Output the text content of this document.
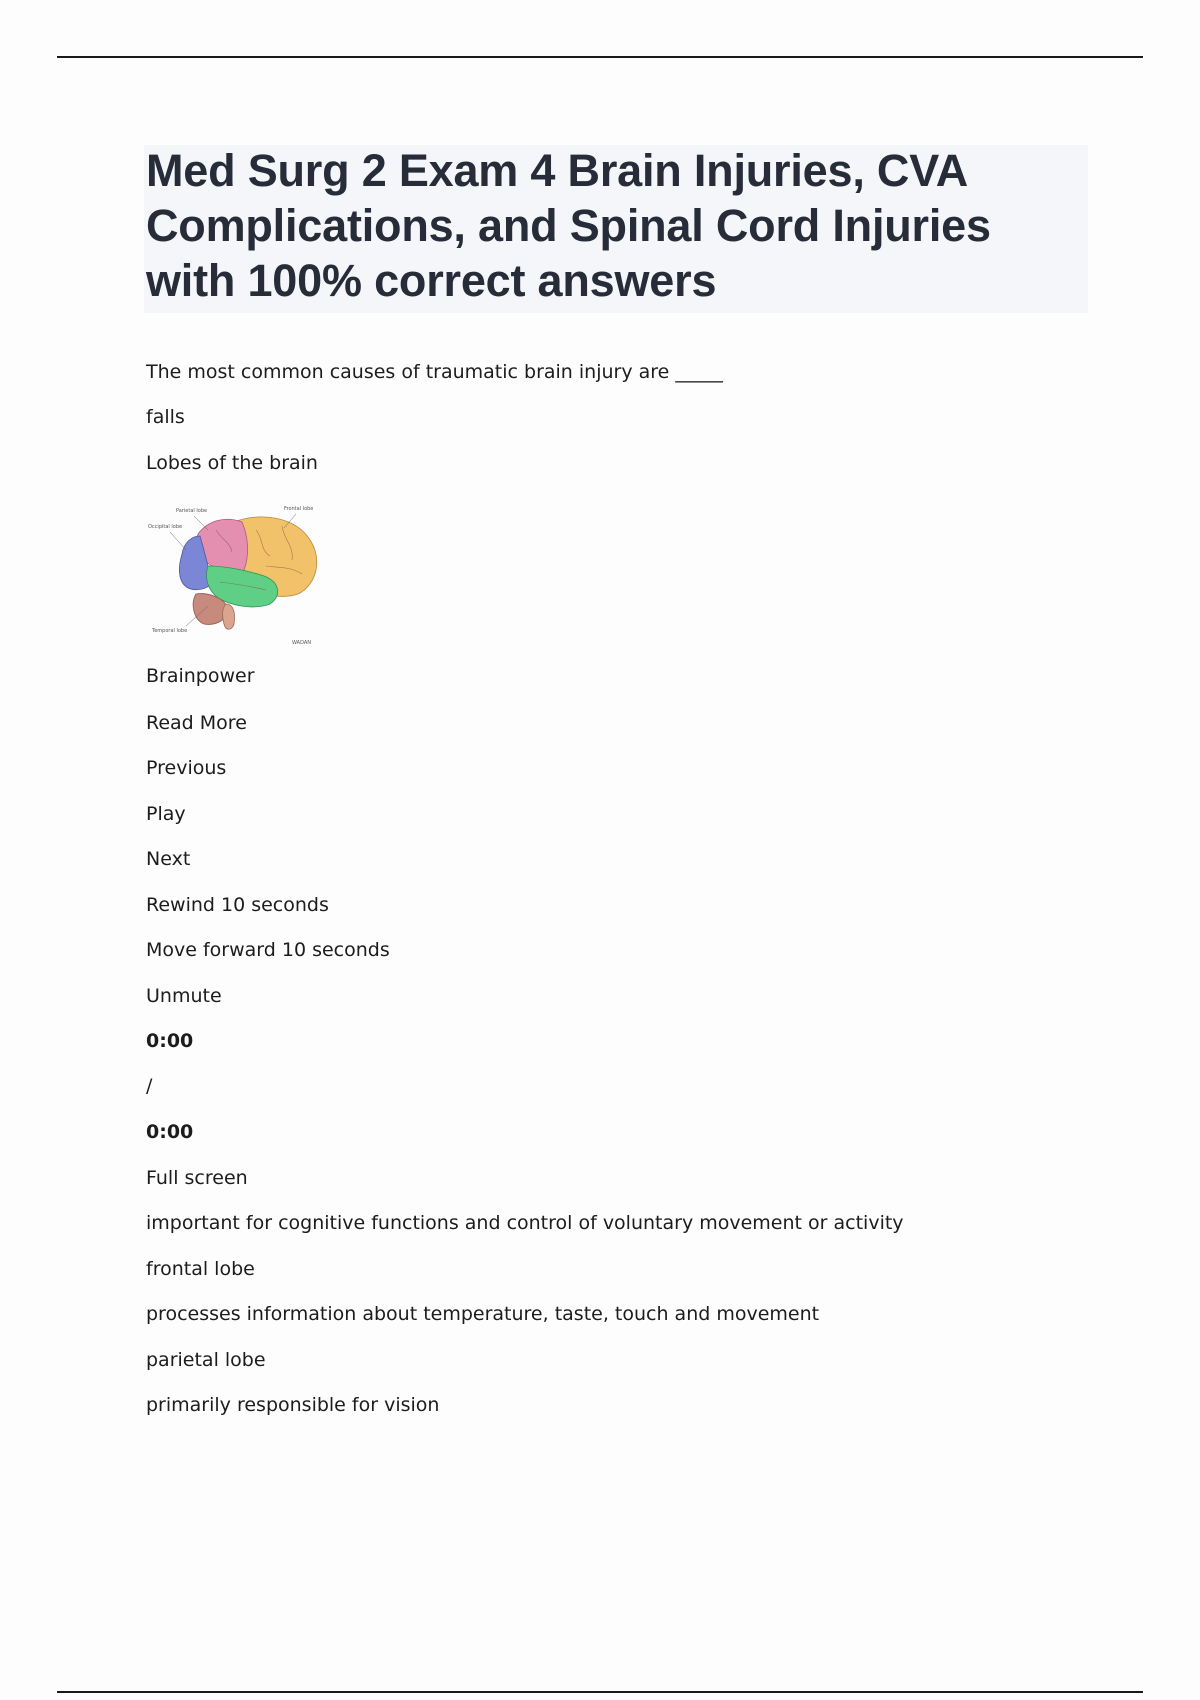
Med Surg 2 Exam 4 Brain Injuries, CVA Complications, and Spinal Cord Injuries with 100% correct answers

The most common causes of traumatic brain injury are _____

falls

Lobes of the brain

Parietal lobe	Frontal lobe
Occipital lobe
Temporal lobe
WADAN

Brainpower

Read More

Previous

Play

Next

Rewind 10 seconds

Move forward 10 seconds

Unmute

0:00

/

0:00

Full screen

important for cognitive functions and control of voluntary movement or activity

frontal lobe

processes information about temperature, taste, touch and movement

parietal lobe

primarily responsible for vision
